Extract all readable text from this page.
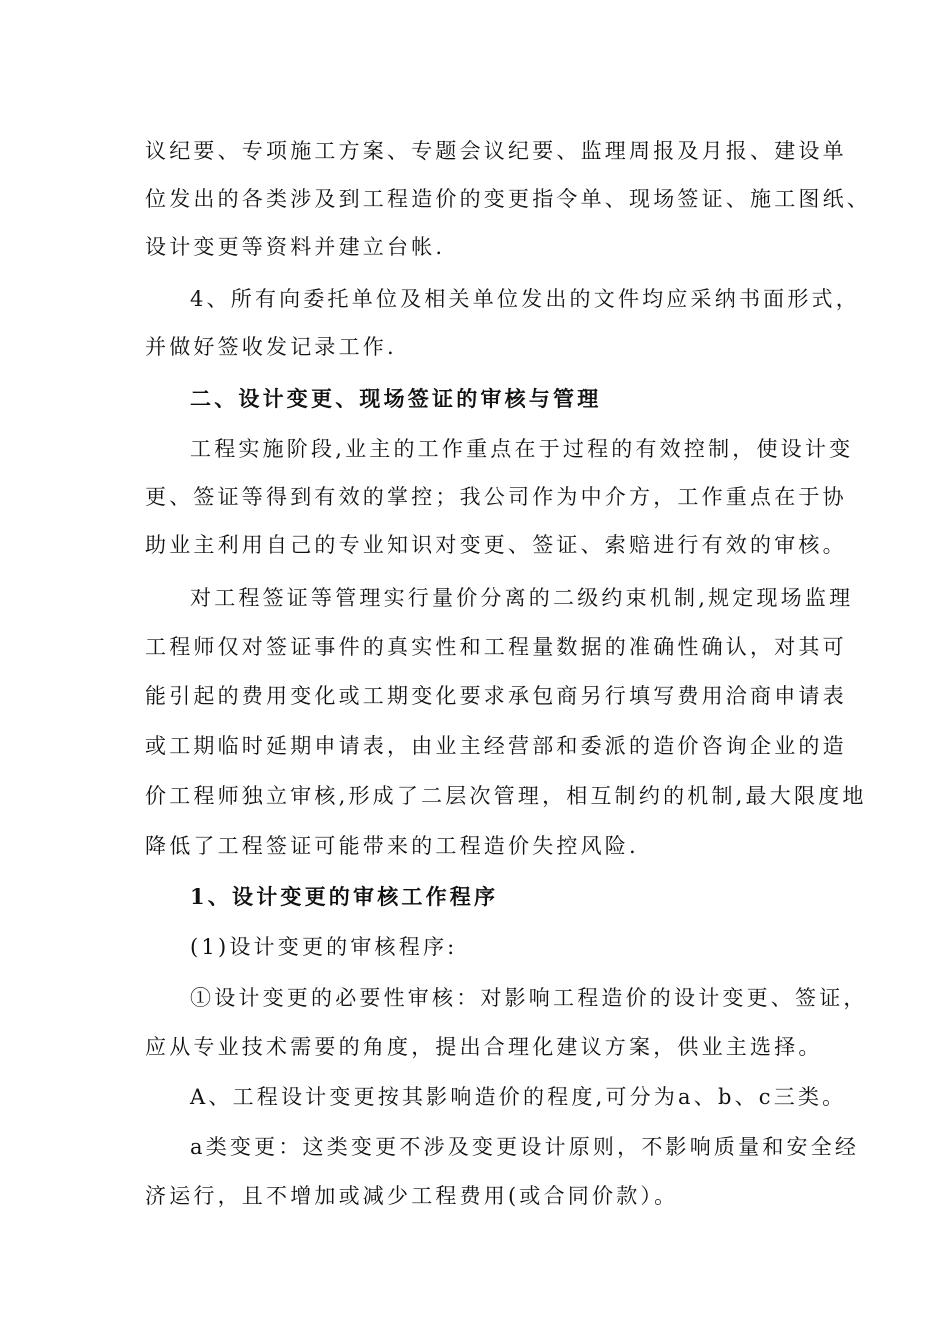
议纪要、专项施工方案、专题会议纪要、监理周报及月报、建设单
位发出的各类涉及到工程造价的变更指令单、现场签证、施工图纸、
设计变更等资料并建立台帐.
4、所有向委托单位及相关单位发出的文件均应采纳书面形式，
并做好签收发记录工作.
二、设计变更、现场签证的审核与管理
工程实施阶段,业主的工作重点在于过程的有效控制，使设计变
更、签证等得到有效的掌控；我公司作为中介方，工作重点在于协
助业主利用自己的专业知识对变更、签证、索赔进行有效的审核。
对工程签证等管理实行量价分离的二级约束机制,规定现场监理
工程师仅对签证事件的真实性和工程量数据的准确性确认，对其可
能引起的费用变化或工期变化要求承包商另行填写费用洽商申请表
或工期临时延期申请表，由业主经营部和委派的造价咨询企业的造
价工程师独立审核,形成了二层次管理，相互制约的机制,最大限度地
降低了工程签证可能带来的工程造价失控风险.
1、设计变更的审核工作程序
(1)设计变更的审核程序:
①设计变更的必要性审核：对影响工程造价的设计变更、签证，
应从专业技术需要的角度，提出合理化建议方案，供业主选择。
A、工程设计变更按其影响造价的程度,可分为a、b、c三类。
a类变更：这类变更不涉及变更设计原则，不影响质量和安全经
济运行，且不增加或减少工程费用(或合同价款）。
